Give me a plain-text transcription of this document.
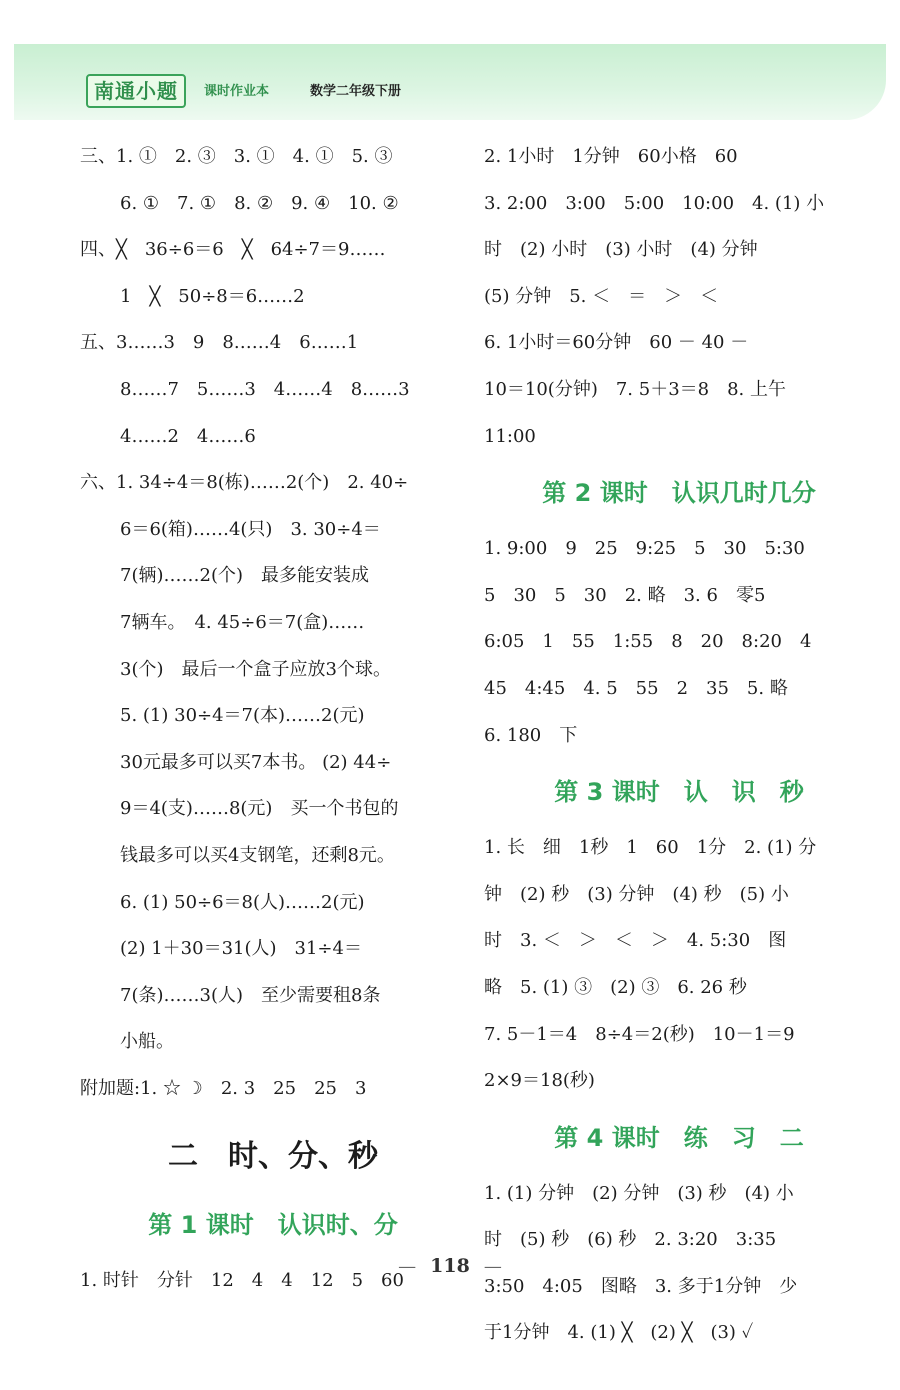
南通小题	课时作业本	数学二年级下册
三、1. ①　2. ③　3. ①　4. ①　5. ③
6. ①　7. ①　8. ②　9. ④　10. ②
四、╳　36÷6＝6　╳　64÷7＝9……
1　╳　50÷8＝6……2
五、3……3　9　8……4　6……1
8……7　5……3　4……4　8……3
4……2　4……6
六、1. 34÷4＝8(栋)……2(个)　2. 40÷
6＝6(箱)……4(只)　3. 30÷4＝
7(辆)……2(个)　最多能安装成
7辆车。　4. 45÷6＝7(盒)……
3(个)　最后一个盒子应放3个球。
5. (1) 30÷4＝7(本)……2(元)
30元最多可以买7本书。 (2) 44÷
9＝4(支)……8(元)　买一个书包的
钱最多可以买4支钢笔，还剩8元。
6. (1) 50÷6＝8(人)……2(元)
(2) 1＋30＝31(人)　31÷4＝
7(条)……3(人)　至少需要租8条
小船。
附加题:1. ☆ ☽　2. 3　25　25　3
二　时、分、秒
第 1 课时　认识时、分
1. 时针　分针　12　4　4　12　5　60
2. 1小时　1分钟　60小格　60
3. 2:00　3:00　5:00　10:00　4. (1) 小
时　(2) 小时　(3) 小时　(4) 分钟
(5) 分钟　5. ＜　＝　＞　＜
6. 1小时＝60分钟　60 － 40 －
10＝10(分钟)　7. 5＋3＝8　8. 上午
11:00
第 2 课时　认识几时几分
1. 9:00　9　25　9:25　5　30　5:30
5　30　5　30　2. 略　3. 6　零5
6:05　1　55　1:55　8　20　8:20　4
45　4:45　4. 5　55　2　35　5. 略
6. 180　下
第 3 课时　认　识　秒
1. 长　细　1秒　1　60　1分　2. (1) 分
钟　(2) 秒　(3) 分钟　(4) 秒　(5) 小
时　3. ＜　＞　＜　＞　4. 5:30　图
略　5. (1) ③　(2) ③　6. 26 秒
7. 5－1＝4　8÷4＝2(秒)　10－1＝9
2×9＝18(秒)
第 4 课时　练　习　二
1. (1) 分钟　(2) 分钟　(3) 秒　(4) 小
时　(5) 秒　(6) 秒　2. 3:20　3:35
3:50　4:05　图略　3. 多于1分钟　少
于1分钟　4. (1) ╳　(2) ╳　(3) ✓
— 118 —
